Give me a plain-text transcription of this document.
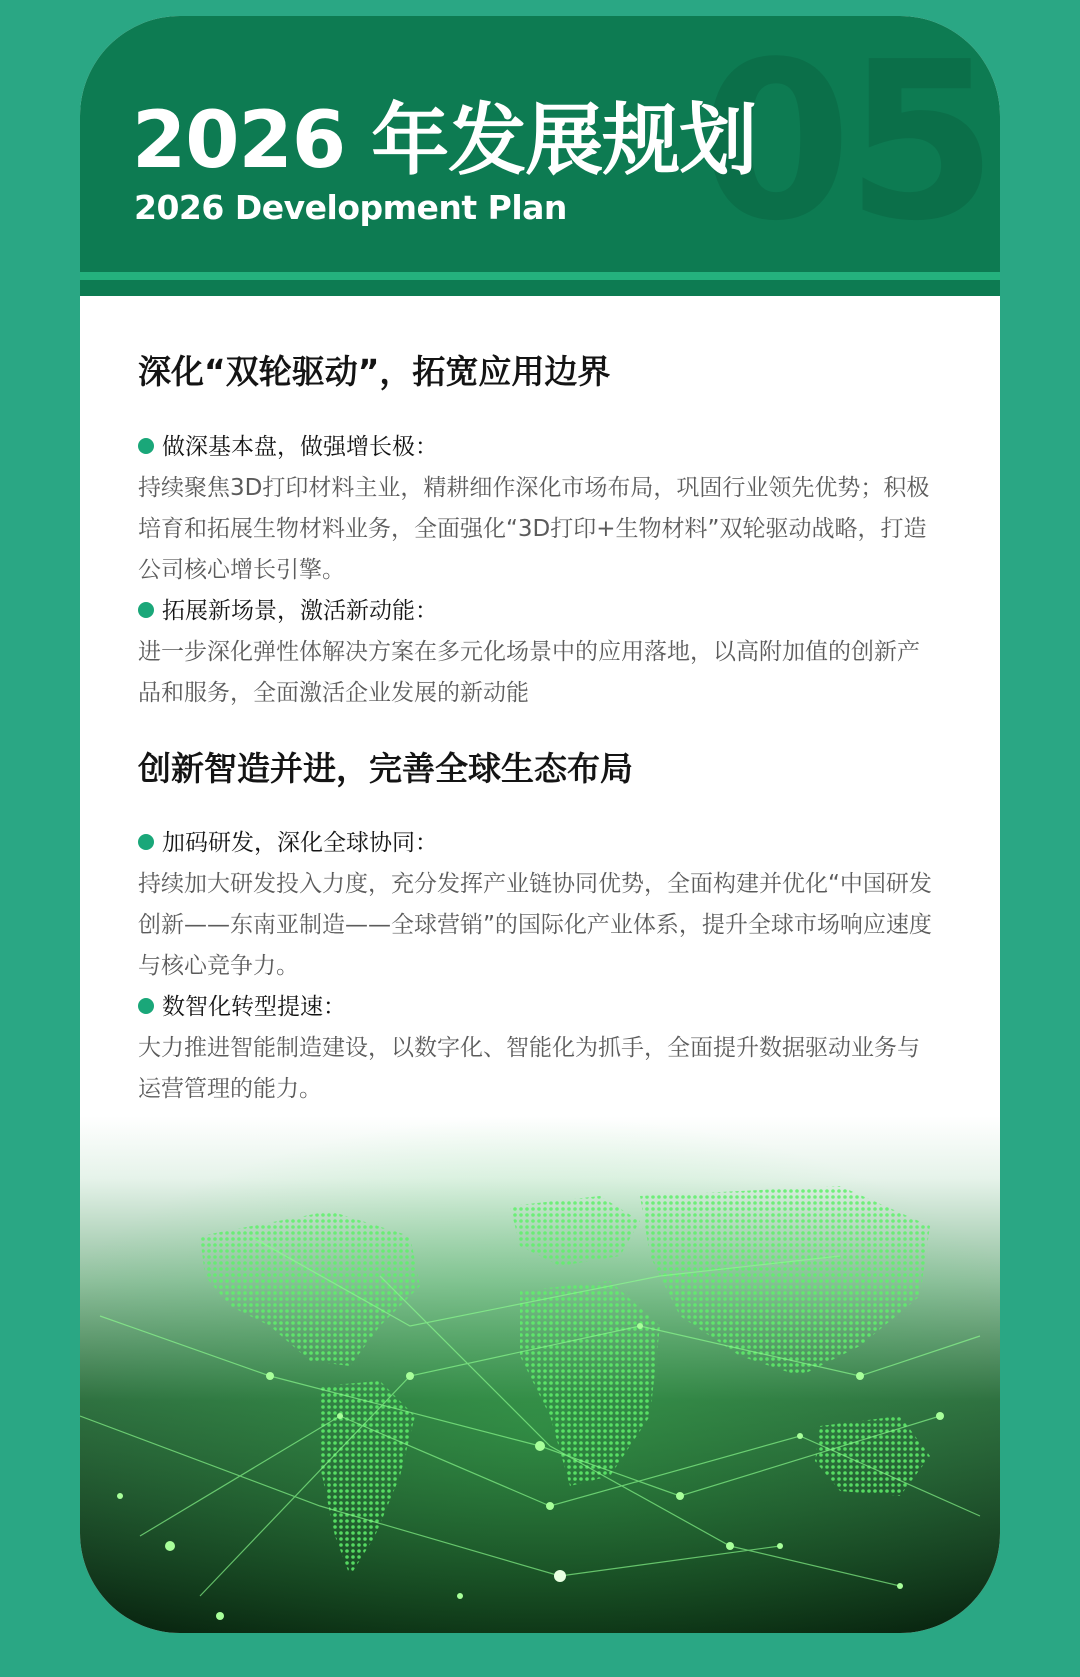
05
2026 年发展规划
2026 Development Plan
深化“双轮驱动”，拓宽应用边界
做深基本盘，做强增长极：
持续聚焦3D打印材料主业，精耕细作深化市场布局，巩固行业领先优势；积极
培育和拓展生物材料业务，全面强化“3D打印+生物材料”双轮驱动战略，打造
公司核心增长引擎。
拓展新场景，激活新动能：
进一步深化弹性体解决方案在多元化场景中的应用落地，以高附加值的创新产
品和服务，全面激活企业发展的新动能
创新智造并进，完善全球生态布局
加码研发，深化全球协同：
持续加大研发投入力度，充分发挥产业链协同优势，全面构建并优化“中国研发
创新——东南亚制造——全球营销”的国际化产业体系，提升全球市场响应速度
与核心竞争力。
数智化转型提速：
大力推进智能制造建设，以数字化、智能化为抓手，全面提升数据驱动业务与
运营管理的能力。
